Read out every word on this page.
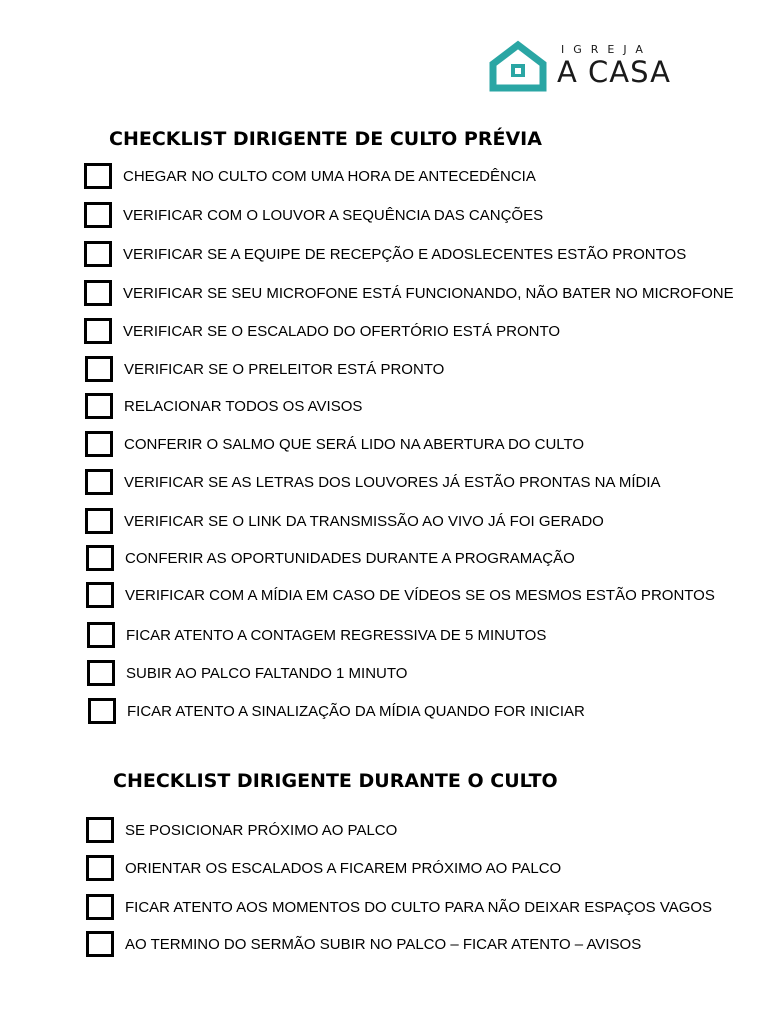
IGREJA
A CASA
CHECKLIST DIRIGENTE DE CULTO PRÉVIA
CHEGAR NO CULTO COM UMA HORA DE ANTECEDÊNCIA
VERIFICAR COM O LOUVOR A SEQUÊNCIA DAS CANÇÕES
VERIFICAR SE A EQUIPE DE RECEPÇÃO E ADOSLECENTES ESTÃO PRONTOS
VERIFICAR SE SEU MICROFONE ESTÁ FUNCIONANDO, NÃO BATER NO MICROFONE
VERIFICAR SE O ESCALADO DO OFERTÓRIO ESTÁ PRONTO
VERIFICAR SE O PRELEITOR ESTÁ PRONTO
RELACIONAR TODOS OS AVISOS
CONFERIR O SALMO QUE SERÁ LIDO NA ABERTURA DO CULTO
VERIFICAR SE AS LETRAS DOS LOUVORES JÁ ESTÃO PRONTAS NA MÍDIA
VERIFICAR SE O LINK DA TRANSMISSÃO AO VIVO JÁ FOI GERADO
CONFERIR AS OPORTUNIDADES DURANTE A PROGRAMAÇÃO
VERIFICAR COM A MÍDIA EM CASO DE VÍDEOS SE OS MESMOS ESTÃO PRONTOS
FICAR ATENTO A CONTAGEM REGRESSIVA DE 5 MINUTOS
SUBIR AO PALCO FALTANDO 1 MINUTO
FICAR ATENTO A SINALIZAÇÃO DA MÍDIA QUANDO FOR INICIAR
CHECKLIST DIRIGENTE DURANTE O CULTO
SE POSICIONAR PRÓXIMO AO PALCO
ORIENTAR OS ESCALADOS A FICAREM PRÓXIMO AO PALCO
FICAR ATENTO AOS MOMENTOS DO CULTO PARA NÃO DEIXAR ESPAÇOS VAGOS
AO TERMINO DO SERMÃO SUBIR NO PALCO – FICAR ATENTO – AVISOS
